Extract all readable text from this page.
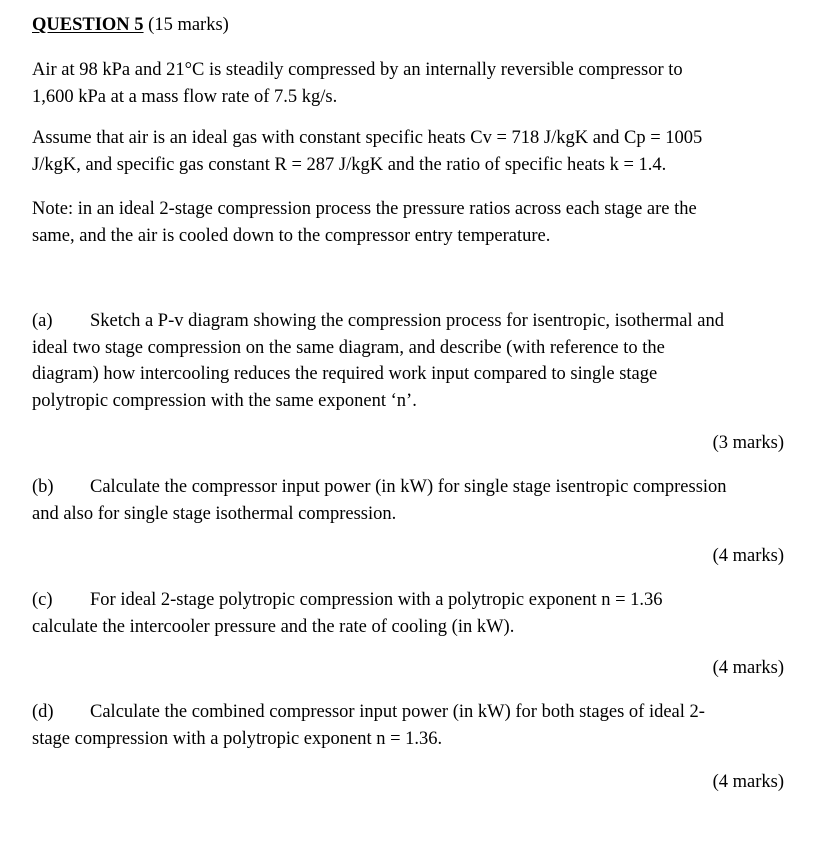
QUESTION 5 (15 marks)

Air at 98 kPa and 21°C is steadily compressed by an internally reversible compressor to
1,600 kPa at a mass flow rate of 7.5 kg/s.

Assume that air is an ideal gas with constant specific heats Cv = 718 J/kgK and Cp = 1005
J/kgK, and specific gas constant R = 287 J/kgK and the ratio of specific heats k = 1.4.

Note: in an ideal 2-stage compression process the pressure ratios across each stage are the
same, and the air is cooled down to the compressor entry temperature.

(a) Sketch a P-v diagram showing the compression process for isentropic, isothermal and
ideal two stage compression on the same diagram, and describe (with reference to the
diagram) how intercooling reduces the required work input compared to single stage
polytropic compression with the same exponent ‘n’.

(3 marks)

(b) Calculate the compressor input power (in kW) for single stage isentropic compression
and also for single stage isothermal compression.

(4 marks)

(c) For ideal 2-stage polytropic compression with a polytropic exponent n = 1.36
calculate the intercooler pressure and the rate of cooling (in kW).

(4 marks)

(d) Calculate the combined compressor input power (in kW) for both stages of ideal 2-
stage compression with a polytropic exponent n = 1.36.

(4 marks)
